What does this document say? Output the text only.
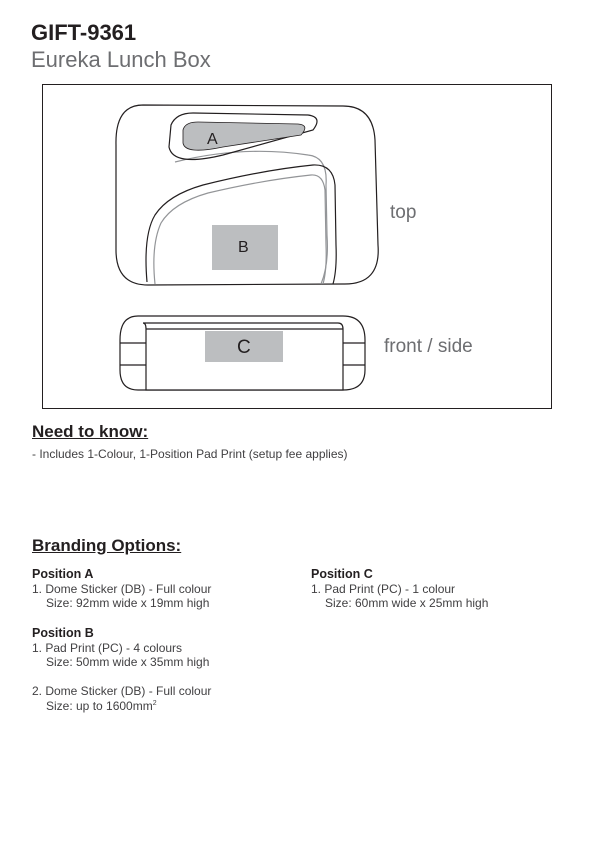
GIFT-9361
Eureka Lunch Box
A
B
C
top
front / side
Need to know:
- Includes 1-Colour, 1-Position Pad Print (setup fee applies)
Branding Options:
Position A
1. Dome Sticker (DB) - Full colour
Size: 92mm wide x 19mm high
Position B
1. Pad Print (PC) - 4 colours
Size: 50mm wide x 35mm high
2. Dome Sticker (DB) - Full colour
Size: up to $1600mm^2$
Position C
1. Pad Print (PC) - 1 colour
Size: 60mm wide x 25mm high
